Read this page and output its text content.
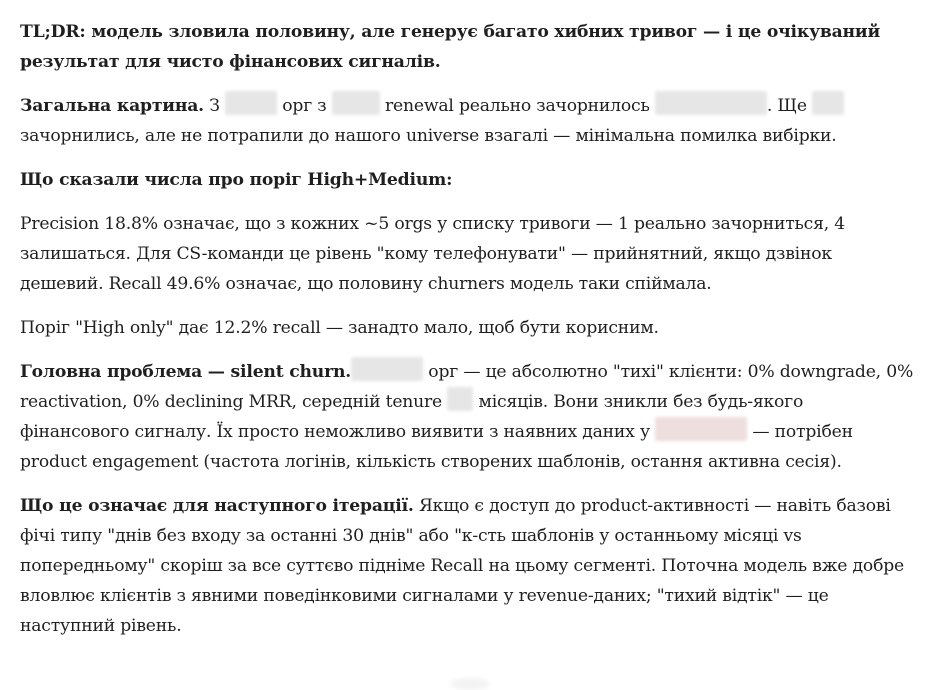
TL;DR: модель зловила половину, але генерує багато хибних тривог — і це очікуваний результат для чисто фінансових сигналів.

Загальна картина. З	орг з	renewal реально зачорнилось	. Ще  зачорнились, але не потрапили до нашого universe взагалі — мінімальна помилка вибірки.

Що сказали числа про поріг High+Medium:

Precision 18.8% означає, що з кожних ~5 orgs у списку тривоги — 1 реально зачорниться, 4 залишаться. Для CS-команди це рівень "кому телефонувати" — прийнятний, якщо дзвінок дешевий. Recall 49.6% означає, що половину churners модель таки спіймала.

Поріг "High only" дає 12.2% recall — занадто мало, щоб бути корисним.

Головна проблема — silent churn.	орг — це абсолютно "тихі" клієнти: 0% downgrade, 0% reactivation, 0% declining MRR, середній tenure  місяців. Вони зникли без будь-якого фінансового сигналу. Їх просто неможливо виявити з наявних даних у	— потрібен product engagement (частота логінів, кількість створених шаблонів, остання активна сесія).

Що це означає для наступного ітерації. Якщо є доступ до product-активності — навіть базові фічі типу "днів без входу за останні 30 днів" або "к-сть шаблонів у останньому місяці vs попередньому" скоріш за все суттєво підніме Recall на цьому сегменті. Поточна модель вже добре вловлює клієнтів з явними поведінковими сигналами у revenue-даних; "тихий відтік" — це наступний рівень.
